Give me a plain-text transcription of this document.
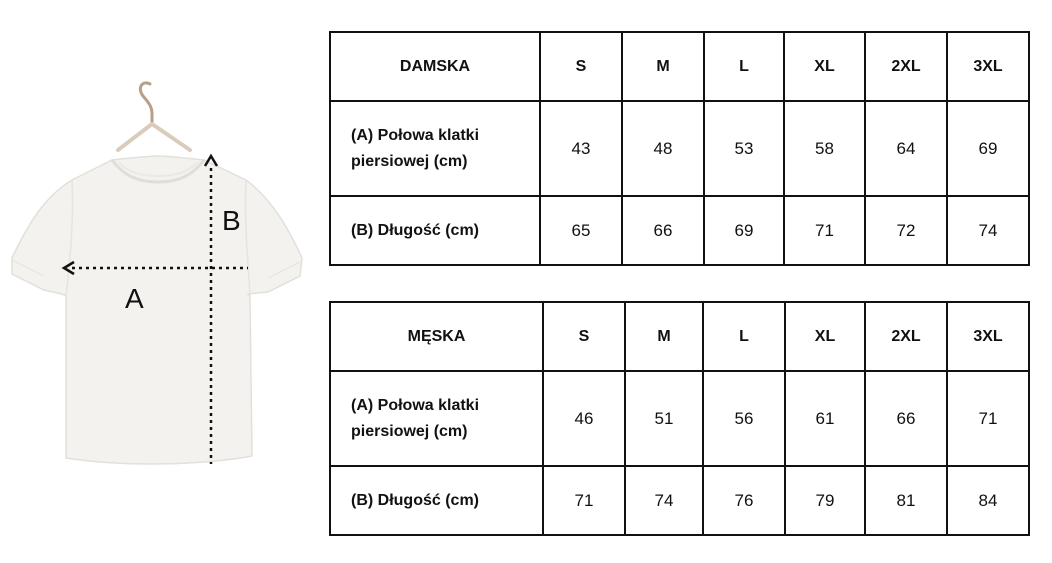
A
B
DAMSKA	S	M	L	XL	2XL	3XL
(A) Połowa klatki piersiowej (cm)	43	48	53	58	64	69
(B) Długość (cm)	65	66	69	71	72	74
MĘSKA	S	M	L	XL	2XL	3XL
(A) Połowa klatki piersiowej (cm)	46	51	56	61	66	71
(B) Długość (cm)	71	74	76	79	81	84
